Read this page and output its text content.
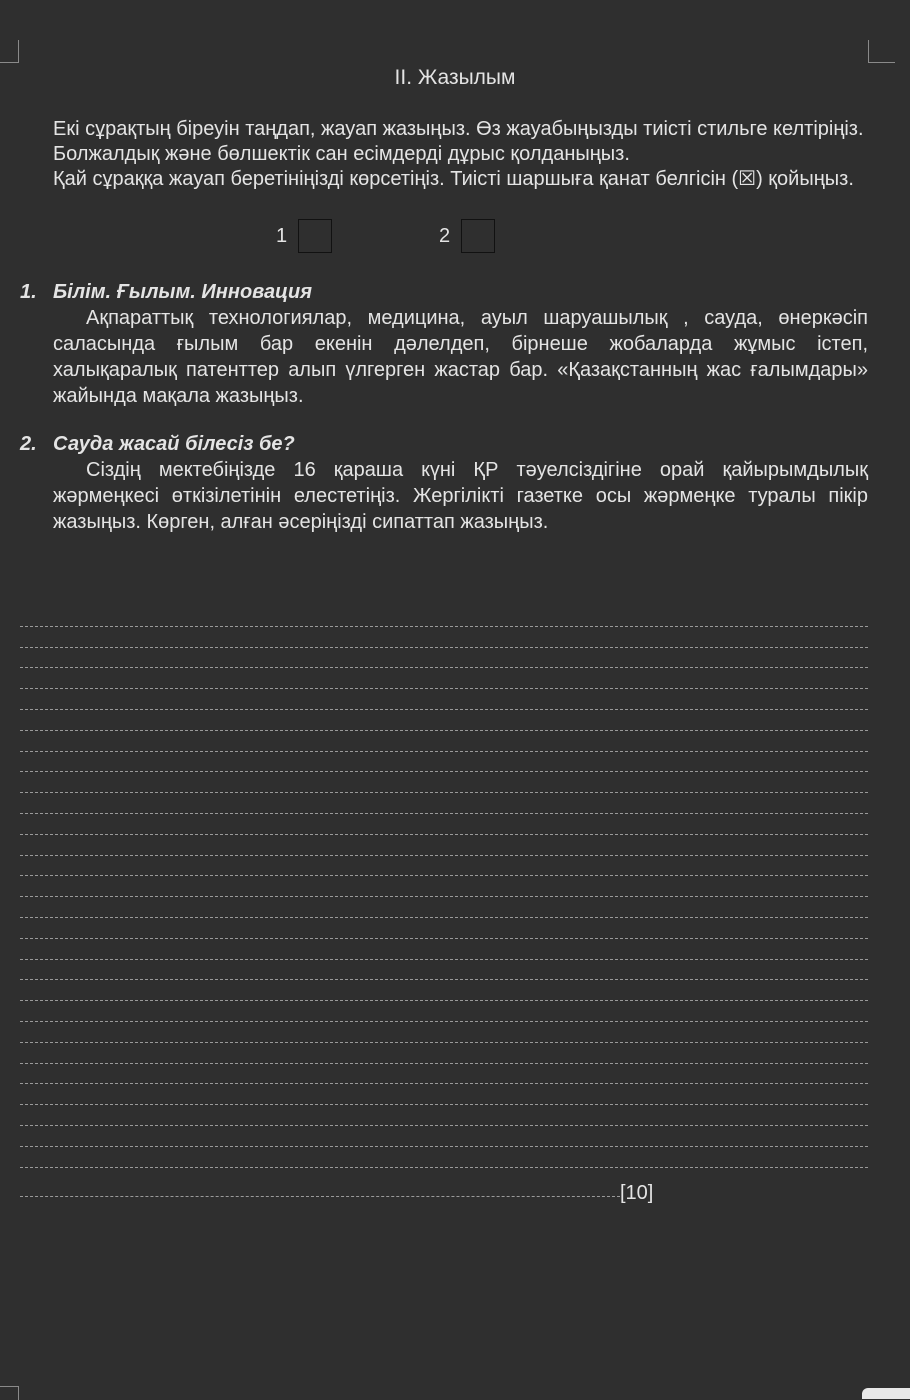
II. Жазылым

Екі сұрақтың біреуін таңдап, жауап жазыңыз. Өз жауабыңызды тиісті стильге келтіріңіз. Болжалдық және бөлшектік сан есімдерді дұрыс қолданыңыз.

Қай сұраққа жауап беретініңізді көрсетіңіз. Тиісті шаршыға қанат белгісін (☒) қойыңыз.

1	2

1. Білім. Ғылым. Инновация

Ақпараттық технологиялар, медицина, ауыл шаруашылық , сауда, өнеркәсіп саласында ғылым бар екенін дәлелдеп, бірнеше жобаларда жұмыс істеп, халықаралық патенттер алып үлгерген жастар бар. «Қазақстанның жас ғалымдары» жайында мақала жазыңыз.

2. Сауда жасай білесіз бе?

Сіздің мектебіңізде 16 қараша күні ҚР тәуелсіздігіне орай қайырымдылық жәрмеңкесі өткізілетінін елестетіңіз. Жергілікті газетке осы жәрмеңке туралы пікір жазыңыз. Көрген, алған әсеріңізді сипаттап жазыңыз.

[10]
